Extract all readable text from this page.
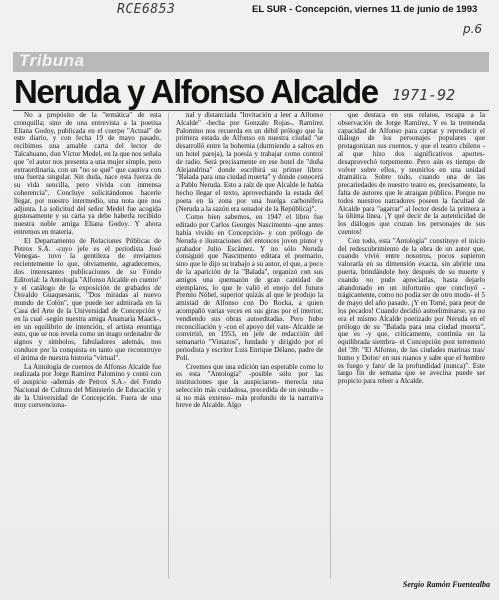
RCE6853	EL SUR - Concepción, viernes 11 de junio de 1993
p.6
Tribuna
Neruda y Alfonso Alcalde 1971-92

No a propósito de la "temática" de esta cronquilla; sino de una entrevista a la poetisa Eliana Godoy, publicada en el cuerpo "Actual" de este diario, y con fecha 19 de mayo pasado, recibimos una amable carta del lector de Talcahuano, don Víctor Medel, en la que nos señala que "el autor nos presenta a una mujer simple, pero extraordinaria, con un "no se qué" que cautiva con una fuerza singular. Sin duda, nace esta fuerza de su vida sencilla, pero vivida con inmensa coherencia". Concluye solicitándonos hacerle llegar, por nuestro intermedio, una nota que nos adjunta. La solicitud del señor Medel fue acogida gustosamente y su carta ya debe haberla recibido nuestra noble amiga Eliana Godoy. Y ahora entremos en materia.

El Departamento de Relaciones Públicas de Petrox S.A. -cuyo jefe es el periodista José Venegas- tuvo la gentileza de enviarnos recientemente lo que, obviamente, agradecemos, dos interesantes publicaciones de su Fondo Editorial: la Antología "Alfonso Alcalde en cuento" y el catálogo de la exposición de grabados de Osvaldo Guaquesanis, "Dos miradas al nuevo mundo de Colón", que puede ser admirada en la Casa del Arte de la Universidad de Concepción y en la cual -según nuestra amiga Anamaría Maack-, en un equilibrio de intención, el artista enuntiga esto, que se nos revela como un mago ordenador de signos y símbolos, fabuladores además, nos conduce por la conquista en tanto que reconstruye el ánima de nuestra historia "virtual".

La Antología de cuentos de Alfonso Alcalde fue realizada por Jorge Ramírez Palomino y contó con el auspicio -además de Petrox S.A.- del Fondo Nacional de Cultura del Ministerio de Educación y de la Universidad de Concepción. Fuera de una muy convenciona-

nal y distanciada "Invitación a leer a Alfonso Alcalde" -hecha por Gonzalo Rojas-, Ramírez Palomino nos recuerda en un débil prólogo que la primera estada de Alfonso en nuestra ciudad "se desarrolló entre la bohemia (durmiendo a saltos en un hotel pareja), la poesía y trabajar como control de radio. Será precisamente en ese hotel de "doña Alejandrina" donde escribirá su primer libro: "Balada para una ciudad muerta" y donde conocerá a Pablo Neruda. Esto a raíz de que Alcalde le había hecho llegar el texto, aprovechando la estada del poeta en la zona por una huelga carbonífera (Neruda a la sazón era senador de la República)".

Como bien sabemos, en 1947 el libro fue editado por Carlos Georges Nascimento -que antes había vivido en Concepción- y con prólogo de Neruda e ilustraciones del entonces joven pintor y grabador Julio Escámez. Y no sólo Neruda consiguió que Nascimento editara el poemario, sino que le dijo su trabajo a su autor, el que, a poco de la aparición de la "Balada", organizó con sus amigos una quemazón de gran cantidad de ejemplares, lo que le valió el enojo del futuro Premio Nóbel, superior quizás al que le produjo la amistad de Alfonso con Do Rocka, a quien acompañó varias veces en sus giras por el interior, vendiendo sus obras autoeditadas. Pero hubo reconciliación y -con el apoyo del vate- Alcalde se convirtió, en 1953, en jefe de redacción del semanario "Vistazos", fundado y dirigido por el periodista y escritor Luis Enrique Délano, padre de Poli.

Creemos que una edición tan esperable como lo es esta "Antología" -posible sólo por las instituciones que la auspiciaron- merecía una selección más cuidadosa, precedida de un estudio -si no más extenso- más profundo de la narrativa breve de Alcalde. Algo

que destaca en sus relatos, escapa a la observación de Jorge Ramírez, Y es la tremenda capacidad de Alfonso para captar y reproducir el diálogo de los personajes populares que protagonizan sus cuentos, y que el teatro chileno -al que hizo dos significativos aportes- desaprovechó torpemente. Pero aún es tiempo de volver sobre ellos, y reunirlos en una unidad dramática. Sobre todo, cuando una de las precariedades de nuestro teatro es, precisamente, la falta de autores que le atraigan público. Porque no todos nuestros narradores poseen la facultad de Alcalde para "agarrar" al lector desde la primera a la última línea. ¡Y qué decir de la autenticidad de los diálogos que cruzan los personajes de sus cuentos!

Con todo, esta "Antología" constituye el inicio del redescubrimiento de la obra de un autor que, cuando vivió entre nosotros, pocos supieron valorarla en su dimensión exacta, sin abrirle una puerta, brindándole hoy después de su muerte y cuando no pudo apreciarlas, hasta dejarlo abandonado en un infortunio que concluyó -trágicamente, como no podía ser de otro modo- el 5 de mayo del año pasado. ¡Y en Tomé, para peor de los pecados! Cuando decidió autoeliminarse, ya no era el mismo Alcalde poetizado por Neruda en el prólogo de su "Balada para una ciudad muerta", que es -y que, críticamente, continúa en la equilibrada siembra- el Concepción post terremoto del '39: "El Alfonso, de las ciudades marinas tras/ humo y Dolor/ en sus ruanos y sabe que el hombre es fuego y faro/ de la profundidad (nunca)". Este largo fin de semana que se avecina puede ser propicio para releer a Alcalde.

Sergio Ramón Fuentealba
